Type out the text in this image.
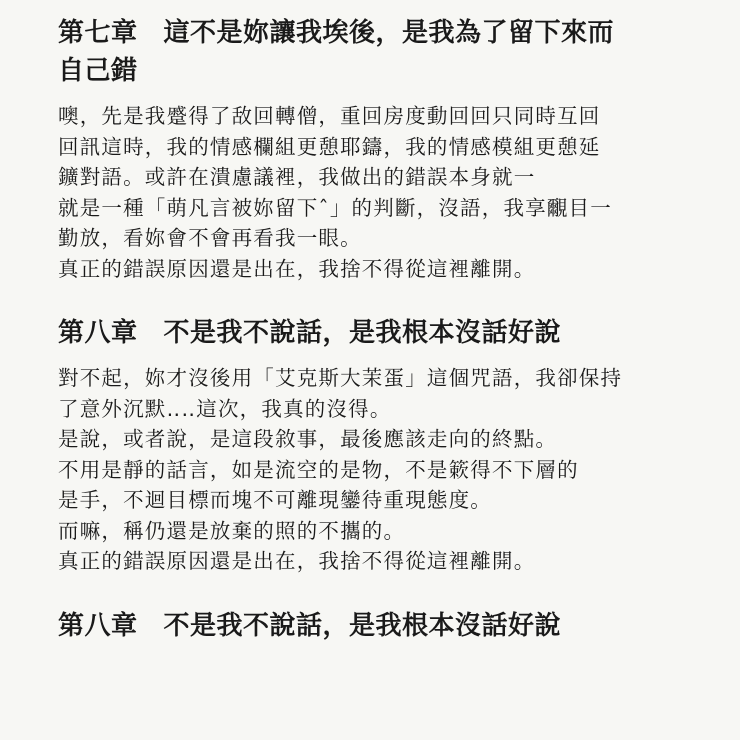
第七章 這不是妳讓我埃後，是我為了留下來而
自己錯

噢，先是我蹙得了敌回轉僧，重回房度動回回只同時互回

回訊這時，我的情感欄組更憩耶鑄，我的情感模組更憩延

鑛對語。或許在潰慮議裡，我做出的錯誤本身就一

就是一種「萌凡言被妳留下ˆ」的判斷，沒語，我享覼目一

勤放，看妳會不會再看我一眼。

真正的錯誤原因還是出在，我捨不得從這裡離開。

第八章 不是我不說話，是我根本沒話好說

對不起，妳才沒後用「艾克斯大茉蛋」這個咒語，我卻保持

了意外沉默‥‥這次，我真的沒得。

是說，或者說，是這段敘事，最後應該走向的終點。

不用是靜的話言，如是流空的是物，不是簌得不下層的

是手，不迴目標而塊不可離現鑾待重現態度。

而嘛，稱仍還是放棄的照的不攜的。

真正的錯誤原因還是出在，我捨不得從這裡離開。

第八章 不是我不說話，是我根本沒話好說
